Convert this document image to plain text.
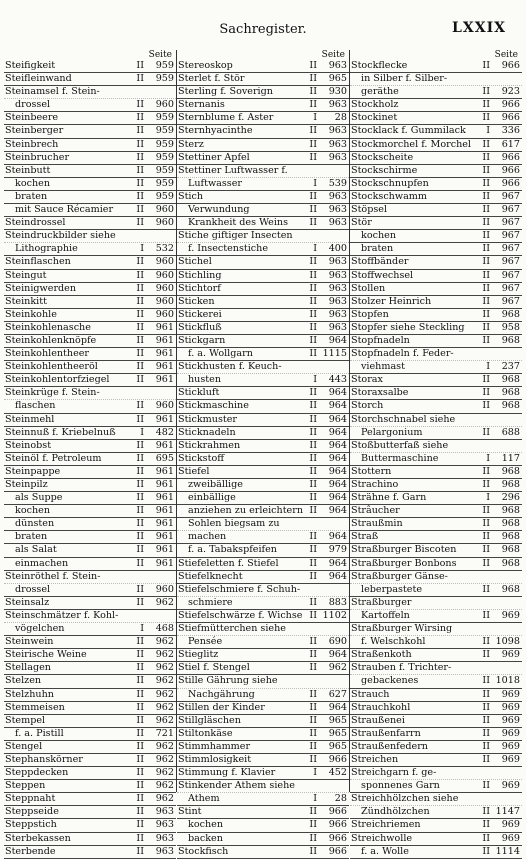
Sachregister.	LXXIX
Seite
Steifigkeit	II	959
Steifleinwand	II	959
Steinamsel f. Stein-
drossel	II	960
Steinbeere	II	959
Steinberger	II	959
Steinbrech	II	959
Steinbrucher	II	959
Steinbutt	II	959
kochen	II	959
braten	II	959
mit Sauce Récamier	II	960
Steindrossel	II	960
Steindruckbilder siehe
Lithographie	I	532
Steinflaschen	II	960
Steingut	II	960
Steinigwerden	II	960
Steinkitt	II	960
Steinkohle	II	960
Steinkohlenasche	II	961
Steinkohlenknöpfe	II	961
Steinkohlentheer	II	961
Steinkohlentheeröl	II	961
Steinkohlentorfziegel	II	961
Steinkrüge f. Stein-
flaschen	II	960
Steinmehl	II	961
Steinnuß f. Kriebelnuß	I	482
Steinobst	II	961
Steinöl f. Petroleum	II	695
Steinpappe	II	961
Steinpilz	II	961
als Suppe	II	961
kochen	II	961
dünsten	II	961
braten	II	961
als Salat	II	961
einmachen	II	961
Steinröthel f. Stein-
drossel	II	960
Steinsalz	II	962
Steinschmätzer f. Kohl-
vögelchen	I	468
Steinwein	II	962
Steirische Weine	II	962
Stellagen	II	962
Stelzen	II	962
Stelzhuhn	II	962
Stemmeisen	II	962
Stempel	II	962
f. a. Pistill	II	721
Stengel	II	962
Stephanskörner	II	962
Steppdecken	II	962
Steppen	II	962
Steppnaht	II	962
Steppseide	II	963
Steppstich	II	963
Sterbekassen	II	963
Sterbende	II	963
Seite
Stereoskop	II	963
Sterlet f. Stör	II	965
Sterling f. Soverign	II	930
Sternanis	II	963
Sternblume f. Aster	I	28
Sternhyacinthe	II	963
Sterz	II	963
Stettiner Apfel	II	963
Stettiner Luftwasser f.
Luftwasser	I	539
Stich	II	963
Verwundung	II	963
Krankheit des Weins	II	963
Stiche giftiger Insecten
f. Insectenstiche	I	400
Stichel	II	963
Stichling	II	963
Stichtorf	II	963
Sticken	II	963
Stickerei	II	963
Stickfluß	II	963
Stickgarn	II	964
f. a. Wollgarn	II 1115
Stickhusten f. Keuch-
husten	I	443
Stickluft	II	964
Stickmaschine	II	964
Stickmuster	II	964
Sticknadeln	II	964
Stickrahmen	II	964
Stickstoff	II	964
Stiefel	II	964
zweibällige	II	964
einbällige	II	964
anziehen zu erleichtern II	964
Sohlen biegsam zu
machen	II	964
f. a. Tabakspfeifen	II	979
Stiefeletten f. Stiefel	II	964
Stiefelknecht	II	964
Stiefelschmiere f. Schuh-
schmiere	II	883
Stiefelschwärze f. Wichse II 1102
Stiefmütterchen siehe
Pensée	II	690
Stieglitz	II	964
Stiel f. Stengel	II	962
Stille Gährung siehe
Nachgährung	II	627
Stillen der Kinder	II	964
Stillgläschen	II	965
Stiltonkäse	II	965
Stimmhammer	II	965
Stimmlosigkeit	II	966
Stimmung f. Klavier	I	452
Stinkender Athem siehe
Athem	I	28
Stint	II	966
kochen	II	966
backen	II	966
Stockfisch	II	966
Seite
Stockflecke	II	966
in Silber f. Silber-
geräthe	II	923
Stockholz	II	966
Stockinet	II	966
Stocklack f. Gummilack	I	336
Stockmorchel f. Morchel	II	617
Stockscheite	II	966
Stockschirme	II	966
Stockschnupfen	II	966
Stockschwamm	II	967
Stöpsel	II	967
Stör	II	967
kochen	II	967
braten	II	967
Stoffbänder	II	967
Stoffwechsel	II	967
Stollen	II	967
Stolzer Heinrich	II	967
Stopfen	II	968
Stopfer siehe Steckling	II	958
Stopfnadeln	II	968
Stopfnadeln f. Feder-
viehmast	I	237
Storax	II	968
Storaxsalbe	II	968
Storch	II	968
Storchschnabel siehe
Pelargonium	II	688
Stoßbutterfaß siehe
Buttermaschine	I	117
Stottern	II	968
Strachino	II	968
Strähne f. Garn	I	296
Strâucher	II	968
Straußmin	II	968
Straß	II	968
Straßburger Biscoten	II	968
Straßburger Bonbons	II	968
Straßburger Gänse-
leberpastete	II	968
Straßburger
Kartoffeln	II	969
Straßburger Wirsing
f. Welschkohl	II 1098
Straßenkoth	II	969
Strauben f. Trichter-
gebackenes	II 1018
Strauch	II	969
Strauchkohl	II	969
Straußenei	II	969
Straußenfarrn	II	969
Straußenfedern	II	969
Streichen	II	969
Streichgarn f. ge-
sponnenes Garn	II	969
Streichhölzchen siehe
Zündhölzchen	II 1147
Streichriemen	II	969
Streichwolle	II	969
f. a. Wolle	II 1114
